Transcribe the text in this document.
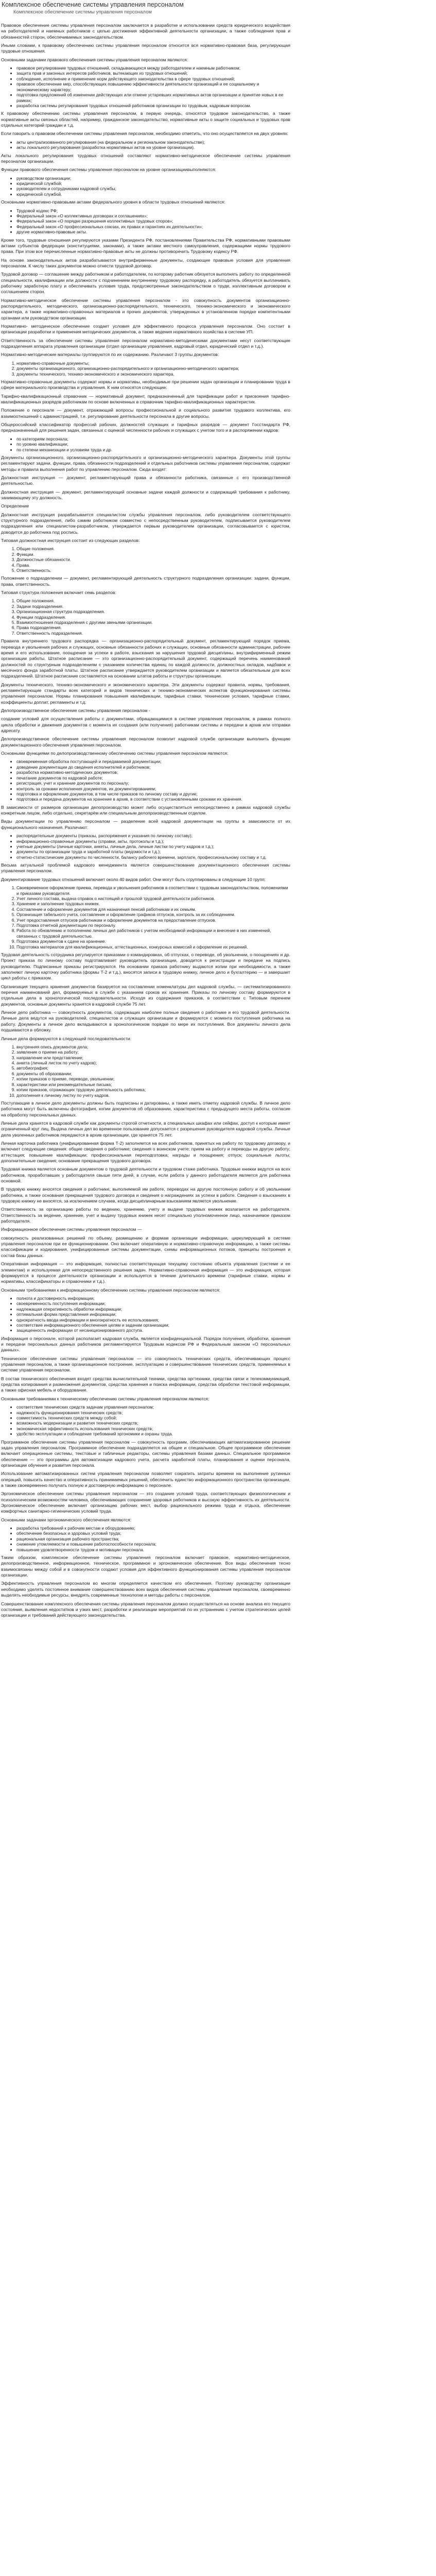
Комплексное обеспечение системы управления персоналом
Комплексное обеспечение системы управления персоналом

Правовое обеспечение системы управления персоналом заключается в разработке и использовании средств юридического воздействия на работодателей и наемных работников с целью достижения эффективной деятельности организации, а также соблюдения прав и обязанностей сторон, обеспечиваемых законодательством.

Иными словами, к правовому обеспечению системы управления персоналом относится вся нормативно-правовая база, регулирующая трудовые отношения.

Основными задачами правового обеспечения системы управления персоналом являются:

• правовое регулирование трудовых отношений, складывающихся между работодателем и наемным работником;
• защита прав и законных интересов работников, вытекающих из трудовых отношений;
• соблюдение, исполнение и применение норм действующего законодательства в сфере трудовых отношений;
• правовое обеспечение мер, способствующих повышению эффективности деятельности организаций и ее социальному и экономическому характеру;
• подготовка предложений об изменении действующих или отмене устаревших нормативных актов организации и принятие новых в ее рамках;
• разработка системы регулирования трудовых отношений работников организации по трудовым, кадровым вопросам.

К правовому обеспечению системы управления персоналом, в первую очередь, относятся трудовое законодательство, а также нормативные акты связных областей, например, гражданское законодательство, нормативные акты о защите социальных и трудовых прав отдельных категорий граждан и т.д.

Если говорить о правовом обеспечении системы управления персоналом, необходимо отметить, что оно осуществляется на двух уровнях:

• акты централизованного регулирования (на федеральном и региональном законодательстве);
• акты локального регулирования (разработка нормативных актов на уровне организации).

Акты локального регулирования трудовых отношений составляют нормативно-методическое обеспечение системы управления персоналом организации.

Функции правового обеспечения системы управления персоналом на уровне организациивыполняются:

• руководством организации;
• юридической службой;
• руководителем и сотрудниками кадровой службы;
• юридической службой.

Основными нормативно-правовыми актами федерального уровня в области трудовых отношений являются:

• Трудовой кодекс РФ;
• Федеральный закон «О коллективных договорах и соглашениях»;
• Федеральный закон «О порядке разрешения коллективных трудовых споров»;
• Федеральный закон «О профессиональных союзах, их правах и гарантиях их деятельности»;
• другие нормативно-правовые акты.

Кроме того, трудовые отношения регулируются указами Президента РФ, постановлениями Правительства РФ, нормативными правовыми актами субъектов федерации (конституциями, законами), а также актами местного самоуправления, содержащими нормы трудового права. При этом все перечисленные нормативно-правовые акты не должны противоречить Трудовому кодексу РФ.

На основе законодательных актов разрабатываются внутрифирменные документы, создающие правовые условия для управления персоналом. К числу таких документов можно отнести трудовой договор.

Трудовой договор — соглашение между работником и работодателем, по которому работник обязуется выполнять работу по определенной специальности, квалификации или должности с подчинением внутреннему трудовому распорядку, а работодатель обязуется выплачивать работнику заработную плату и обеспечивать условия труда, предусмотренные законодательством о труде, коллективным договором и соглашением сторон.

Нормативно-методическое обеспечение системы управления персоналом - это совокупность документов организационно-распорядительного, методического, организационно-распорядительного, технического, технико-экономического и экономического характера, а также нормативно-справочных материалов и прочих документов, утвержденных в установленном порядке компетентными органами или руководством организации.

Нормативно- методическое обеспечение создает условия для эффективного процесса управления персоналом. Оно состоит в организации разработки и применения методических документов, а также ведения нормативного хозяйства в системе УП.

Ответственность за обеспечение системы управления персоналом нормативно-методическими документами несут соответствующие подразделения аппарата управления организации (отдел организации управления, кадровый отдел, юридический отдел и т.д.).

Нормативно-методические материалы группируются по их содержанию. Различают 3 группы документов:

1. нормативно-справочные документы;
2. документы организационного, организационно-распорядительного и организационно-методического характера;
3. документы технического, технико-экономического и экономического характера.

Нормативно-справочные документы содержат нормы и нормативы, необходимые при решении задач организации и планировании труда в сфере материального производства и управления. К ним относятся следующие:

Тарифно-квалификационный справочник — нормативный документ, предназначенный для тарификации работ и присвоения тарифно-квалификационных разрядов работникам по основе включенных в справочник тарифно-квалификационных характеристик.

Положение о персонале — документ, отражающий вопросы профессиональной и социального развития трудового коллектива, его взаимоотношений с администрацией, т.е. регулирование деятельности персонала в другие вопросы.

Общероссийский классификатор профессий рабочих, должностей служащих и тарифных разрядов — документ Госстандарта РФ, предназначенный для решения задач, связанных с оценкой численности рабочих и служащих с учетом того и в распоряжении кадров:

• по категориям персонала;
• по уровню квалификации;
• по степени механизации и условиям труда и др.

Документы организационного, организационно-распорядительного и организационно-методического характера. Документы этой группы регламентируют задачи, функции, права, обязанности подразделений и отдельных работников системы управления персоналом, содержат методы и правила выполнения работ по управлению персоналом. Сюда входят:

Должностная инструкция — документ, регламентирующий права и обязанности работника, связанные с его производственной деятельностью.

Должностная инструкция — документ, регламентирующий основные задачи каждой должности и содержащий требования к работнику, занимающему эту должность.

Определение

Должностная инструкция разрабатывается специалистом службы управления персоналом, либо руководителем соответствующего структурного подразделения, либо самим работником совместно с непосредственным руководителем, подписывается руководителем подразделения или специалистом-разработчиком, утверждается первым руководителем организации, согласовывается с юристом, доводится до работника под роспись.

Типовая должностная инструкция состоит из следующих разделов:

1. Общие положения.
2. Функции.
3. Должностные обязанности.
4. Права.
5. Ответственность.

Положение о подразделении — документ, регламентирующий деятельность структурного подразделения организации: задачи, функции, права, ответственность.

Типовая структура положения включает семь разделов:

1. Общие положения.
2. Задачи подразделения.
3. Организационная структура подразделения.
4. Функции подразделения.
5. Взаимоотношения подразделения с другими звеньями организации.
6. Права подразделения.
7. Ответственность подразделения.

Правила внутреннего трудового распорядка — организационно-распорядительный документ, регламентирующий порядок приема, перевода и увольнения рабочих и служащих, основные обязанности рабочих и служащих, основные обязанности администрации, рабочее время и его использование, поощрения за успехи в работе, взыскания за нарушения трудовой дисциплины, внутрифирменный режим организации работы. Штатное расписание — это организационно-распорядительный документ, содержащий перечень наименований должностей по структурным подразделениям с указанием количества единиц по каждой должности, должностных окладов, надбавок и месячного фонда заработной платы. Штатное расписание утверждается руководителем организации и является обязательным для всех подразделений. Штатное расписание составляется на основании штатов работы и структуры организации.

Документы технического, технико-экономического и экономического характера. Эти документы содержат правила, нормы, требования, регламентирующие стандарты всех категорий и видов технических и технико-экономических аспектов функционирования системы управления персоналом. Нормы планирования повышения квалификации, тарифные ставки, технические условия, тарифные ставки, коэффициенты доплат, регламенты и т.д.

Делопроизводственное обеспечение системы управления персоналом -

создание условий для осуществления работы с документами, обращающимися в системе управления персоналом, в рамках полного цикла обработки и движения документов с момента их создания (или получения) работникам системы и передачи в архив или отправки адресату.

Делопроизводственное обеспечение системы управления персоналом позволит кадровой службе организации выполнить функцию документационного обеспечения управления персоналом.

Основными функциями по делопроизводственному обеспечению системы управления персоналом являются:

• своевременная обработка поступающей и передаваемой документации;
• доведение документации до сведения исполнителей и работников;
• разработка нормативно-методических документов;
• печатание документов по кадровой работе;
• регистрация, учет и хранение документов по персоналу;
• контроль за сроками исполнения документов, их документированием;
• подготовка и оформление документов, в том числе приказов по личному составу и другие;
• подготовка и передача документов на хранение в архив, в соответствии с установленными сроками их хранения.

В зависимости от размеров организации делопроизводство может либо осуществляться непосредственно в рамках кадровой службы конкретным лицом, либо отдельно, секретарём или специальным делопроизводственным отделом.

Виды документации по управлению персоналом — разделение всей кадровой документации на группы в зависимости от их функционального назначения. Различают:

• распорядительные документы (приказы, распоряжения и указания по личному составу);
• информационно-справочные документы (справки, акты, протоколы и т.д.);
• учетные документы (личные карточки, анкеты, личные дела, личные листки по учету кадров и т.д.);
• документы по организации труда и заработной платы (ведомости и т.д.);
• отчетно-статистические документы по численности, балансу рабочего времени, зарплате, профессиональному составу и т.д.

Весьма актуальной проблемой кадрового менеджмента является совершенствование документационного обеспечения системы управления персоналом.

Документирование трудовых отношений включает около 40 видов работ. Они могут быть сгруппированы в следующие 10 групп:

1. Своевременное оформление приема, перевода и увольнения работников в соответствии с трудовым законодательством, положениями и приказами руководителя.
2. Учет личного состава, выдача справок о настоящей и прошлой трудовой деятельности работников.
3. Хранение и заполнение трудовых книжек.
4. Составление и оформление документов для назначения пенсий работникам и их семьям.
5. Организация табельного учета, составление и оформление графиков отпусков, контроль за их соблюдением.
6. Учет предоставления отпусков работникам и оформление документов на предоставление отпусков.
7. Подготовка отчетной документации по персоналу.
8. Работа по обновлению и пополнению личных дел работников с учетом необходимой информации и внесение в них изменений, связанных с трудовой деятельностью.
9. Подготовка документов к сдаче на хранение.
10. Подготовка материалов для квалификационных, аттестационных, конкурсных комиссий и оформление их решений.

Трудовая деятельность сотрудника регулируется приказами о командировках, об отпусках, о переводе, об увольнении, о поощрениях и др. Проект приказа по личному составу подготавливает руководитель организации, доводится к регистрации и передаче на подпись руководителю. Подписанные приказы регистрируются. На основании приказа работнику выдаются копии при необходимости, а также заполняют личную карточку работника (формы Т-2 и т.д.), вносятся записи в трудовую книжку, личное дело и бухгалтерию — и завершает цикл работы с приказом.

Организация текущего хранения документов базируется на составлении номенклатуры дел кадровой службы, — систематизированного перечня наименований дел, формируемых в службе с указанием сроков их хранения. Приказы по личному составу формируются в отдельные дела в хронологической последовательности. Исходя из содержания приказов, в соответствии с Типовым перечнем документов, основные документы хранятся в кадровой службе 75 лет.

Личное дело работника — совокупность документов, содержащих наиболее полные сведения о работнике и его трудовой деятельности. Личные дела ведутся на руководителей, специалистов и служащих организации и формируются с момента поступления работника на работу. Документы в личное дело вкладываются в хронологическом порядке по мере их поступления. Все документы личного дела подшиваются в обложку.

Личные дела формируются в следующей последовательности:

1. внутренняя опись документов дела;
2. заявление о приеме на работу;
3. направление или представление;
4. анкета (личный листок по учету кадров);
5. автобиография;
6. документы об образовании;
7. копии приказов о приеме, переводе, увольнении;
8. характеристики или рекомендательные письма;
9. копии приказов, отражающих трудовую деятельность работника;
10. дополнения к личному листку по учету кадров.

Поступающие в личное дело документы должны быть подписаны и датированы, а также иметь отметку кадровой службы. В личное дело работника могут быть включены фотография, копии документов об образовании, характеристика с предыдущего места работы, согласие на обработку персональных данных.

Личные дела хранятся в кадровой службе как документы строгой отчетности, в специальных шкафах или сейфах, доступ к которым имеет ограниченный круг лиц. Выдача личных дел во временное пользование допускается с разрешения руководителя кадровой службы. Личные дела уволенных работников передаются в архив организации, где хранятся 75 лет.

Личная карточка работника (унифицированная форма Т-2) заполняется на всех работников, принятых на работу по трудовому договору, и включает следующие сведения: общие сведения о работнике; сведения о воинском учете; прием на работу и переводы на другую работу; аттестация; повышение квалификации; профессиональная переподготовка; награды и поощрения; отпуск; социальные льготы; дополнительные сведения; основание прекращения трудового договора.

Трудовая книжка является основным документом о трудовой деятельности и трудовом стаже работника. Трудовые книжки ведутся на всех работников, проработавших у работодателя свыше пяти дней, в случае, если работа у данного работодателя является для работника основной.

В трудовую книжку вносятся сведения о работнике, выполняемой им работе, переводах на другую постоянную работу и об увольнении работника, а также основания прекращения трудового договора и сведения о награждениях за успехи в работе. Сведения о взысканиях в трудовую книжку не вносятся, за исключением случаев, когда дисциплинарным взысканием является увольнение.

Ответственность за организацию работы по ведению, хранению, учету и выдаче трудовых книжек возлагается на работодателя. Ответственность за ведение, хранение, учет и выдачу трудовых книжек несет специально уполномоченное лицо, назначаемое приказом работодателя.

Информационное обеспечение системы управления персоналом —

совокупность реализованных решений по объему, размещению и формам организации информации, циркулирующей в системе управления персоналом при ее функционировании. Оно включает оперативную и нормативно-справочную информацию, а также системы классификации и кодирования, унифицированные системы документации, схемы информационных потоков, принципы построения и состав базы данных.

Оперативная информация — это информация, полностью соответствующая текущему состоянию объекта управления (системе и ее элементам) и используемая для непосредственного решения задач. Нормативно-справочная информация — это информация, которая формируется в процессе деятельности организации и используется в течение длительного времени (тарифные ставки, нормы и нормативы, классификаторы и справочники и т.д.).

Основными требованиями к информационному обеспечению системы управления персоналом являются:

• полнота и достоверность информации;
• своевременность поступления информации;
• надлежащая оперативность обработки информации;
• оптимальная форма представления информации;
• однократность ввода информации и многократность ее использования;
• соответствие информационного обеспечения целям и задачам организации;
• защищенность информации от несанкционированного доступа.

Информация о персонале, которой располагает кадровая служба, является конфиденциальной. Порядок получения, обработки, хранения и передачи персональных данных работников регламентируется Трудовым кодексом РФ и Федеральным законом «О персональных данных».

Техническое обеспечение системы управления персоналом — это совокупность технических средств, обеспечивающих процесс управления персоналом, а также организационное построение, эксплуатацию и совершенствование технических средств, применяемых в системе управления персоналом.

В состав технического обеспечения входят средства вычислительной техники, средства оргтехники, средства связи и телекоммуникаций, средства копирования и размножения документов, средства хранения и поиска информации, средства обработки текстовой информации, а также офисная мебель и оборудование.

Основными требованиями к техническому обеспечению системы управления персоналом являются:

• соответствие технических средств задачам управления персоналом;
• надежность функционирования технических средств;
• совместимость технических средств между собой;
• возможность модернизации и развития технических средств;
• экономическая эффективность использования технических средств;
• удобство эксплуатации и соблюдение требований эргономики и охраны труда.

Программное обеспечение системы управления персоналом — совокупность программ, обеспечивающих автоматизированное решение задач управления персоналом. Программное обеспечение подразделяется на общее и специальное. Общее программное обеспечение включает операционные системы, текстовые и табличные редакторы, системы управления базами данных. Специальное программное обеспечение — это программы для автоматизации кадрового учета, расчета заработной платы, планирования и оценки персонала, организации обучения и развития персонала.

Использование автоматизированных систем управления персоналом позволяет сократить затраты времени на выполнение рутинных операций, повысить качество и оперативность принимаемых решений, обеспечить единство информационного пространства организации, а также своевременно получать полную и достоверную информацию о персонале.

Эргономическое обеспечение системы управления персоналом — это создание условий труда, соответствующих физиологическим и психологическим возможностям человека, обеспечивающих сохранение здоровья работников и высокую эффективность их деятельности. Эргономическое обеспечение включает организацию рабочих мест, выбор рационального режима труда и отдыха, обеспечение комфортных санитарно-гигиенических условий труда.

Основными задачами эргономического обеспечения являются:

• разработка требований к рабочим местам и оборудованию;
• обеспечение безопасных и здоровых условий труда;
• рациональная организация рабочего пространства;
• снижение утомляемости и повышение работоспособности персонала;
• повышение удовлетворенности трудом и мотивации персонала.

Таким образом, комплексное обеспечение системы управления персоналом включает правовое, нормативно-методическое, делопроизводственное, информационное, техническое, программное и эргономическое обеспечение. Все виды обеспечения тесно взаимосвязаны между собой и в совокупности создают условия для эффективного функционирования системы управления персоналом организации.

Эффективность управления персоналом во многом определяется качеством его обеспечения. Поэтому руководству организации необходимо уделять постоянное внимание совершенствованию всех видов обеспечения системы управления персоналом, своевременно выделять необходимые ресурсы, внедрять современные технологии и методы работы с персоналом.

Совершенствование комплексного обеспечения системы управления персоналом должно осуществляться на основе анализа его текущего состояния, выявления недостатков и узких мест, разработки и реализации мероприятий по их устранению с учетом стратегических целей организации и требований действующего законодательства.
